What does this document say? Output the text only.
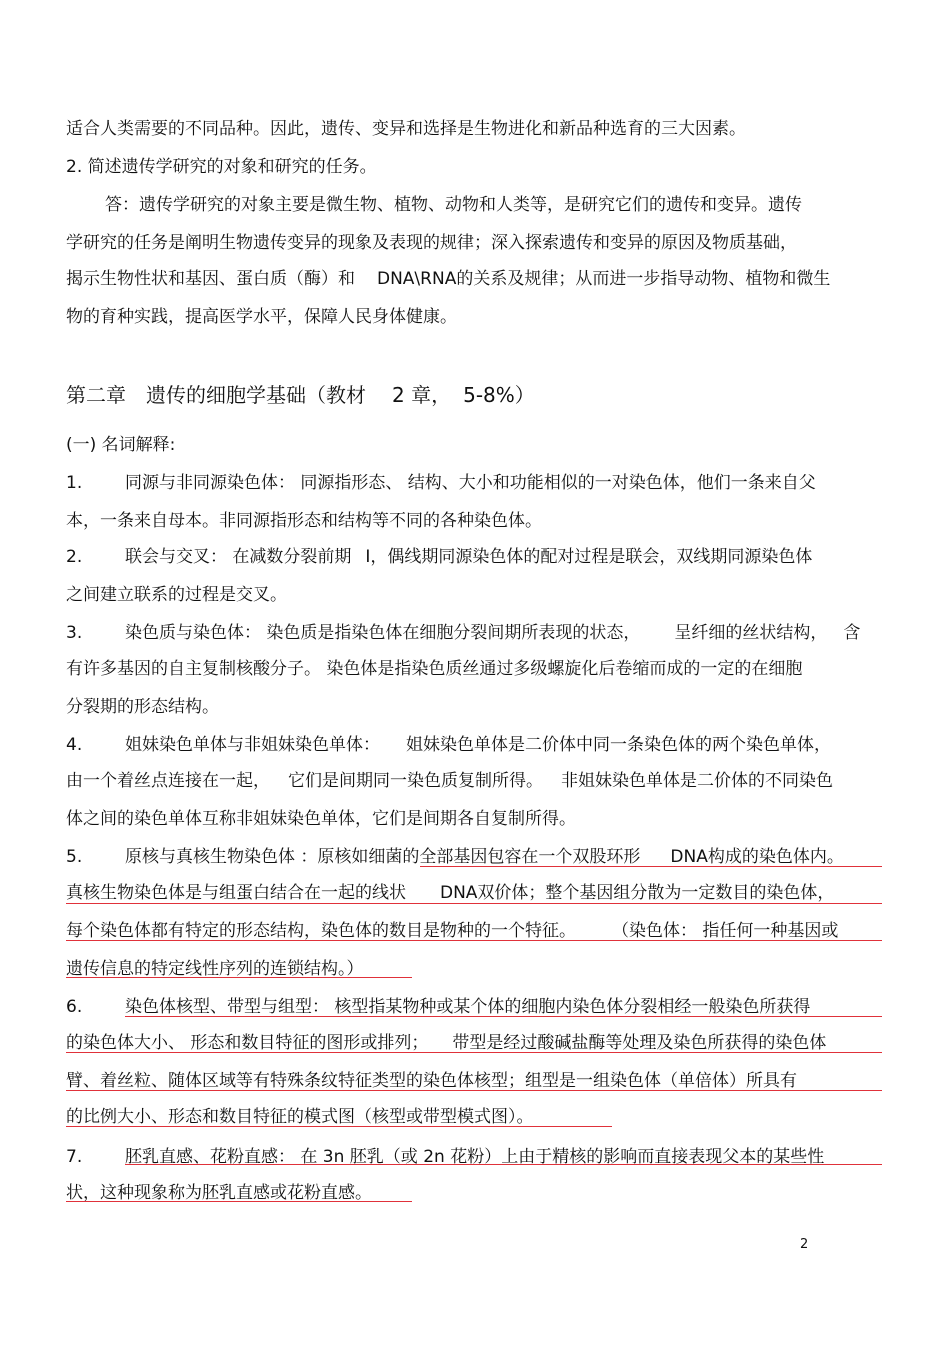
适合人类需要的不同品种。因此，遗传、变异和选择是生物进化和新品种选育的三大因素。
2. 简述遗传学研究的对象和研究的任务。
答：遗传学研究的对象主要是微生物、植物、动物和人类等，是研究它们的遗传和变异。遗传
学研究的任务是阐明生物遗传变异的现象及表现的规律；深入探索遗传和变异的原因及物质基础，
揭示生物性状和基因、蛋白质（酶）和 DNA\RNA的关系及规律；从而进一步指导动物、植物和微生
物的育种实践，提高医学水平，保障人民身体健康。
第二章　遗传的细胞学基础（教材 2 章， 5-8%）
(一) 名词解释:
1.	同源与非同源染色体： 同源指形态、 结构、大小和功能相似的一对染色体，他们一条来自父
本，一条来自母本。非同源指形态和结构等不同的各种染色体。
2.	联会与交叉： 在减数分裂前期 I，偶线期同源染色体的配对过程是联会，双线期同源染色体
之间建立联系的过程是交叉。
3.	染色质与染色体： 染色质是指染色体在细胞分裂间期所表现的状态， 呈纤细的丝状结构， 含
有许多基因的自主复制核酸分子。 染色体是指染色质丝通过多级螺旋化后卷缩而成的一定的在细胞
分裂期的形态结构。
4.	姐妹染色单体与非姐妹染色单体： 姐妹染色单体是二价体中同一条染色体的两个染色单体，
由一个着丝点连接在一起， 它们是间期同一染色质复制所得。 非姐妹染色单体是二价体的不同染色
体之间的染色单体互称非姐妹染色单体，它们是间期各自复制所得。
5.	原核与真核生物染色体 ：原核如细菌的全部基因包容在一个双股环形 DNA构成的染色体内。
真核生物染色体是与组蛋白结合在一起的线状 DNA双价体；整个基因组分散为一定数目的染色体，
每个染色体都有特定的形态结构，染色体的数目是物种的一个特征。 （染色体： 指任何一种基因或
遗传信息的特定线性序列的连锁结构。）
6.	染色体核型、带型与组型： 核型指某物种或某个体的细胞内染色体分裂相经一般染色所获得
的染色体大小、 形态和数目特征的图形或排列； 带型是经过酸碱盐酶等处理及染色所获得的染色体
臂、着丝粒、随体区域等有特殊条纹特征类型的染色体核型；组型是一组染色体（单倍体）所具有
的比例大小、形态和数目特征的模式图（核型或带型模式图）。
7.	胚乳直感、花粉直感： 在 3n 胚乳（或 2n 花粉）上由于精核的影响而直接表现父本的某些性
状，这种现象称为胚乳直感或花粉直感。
2
